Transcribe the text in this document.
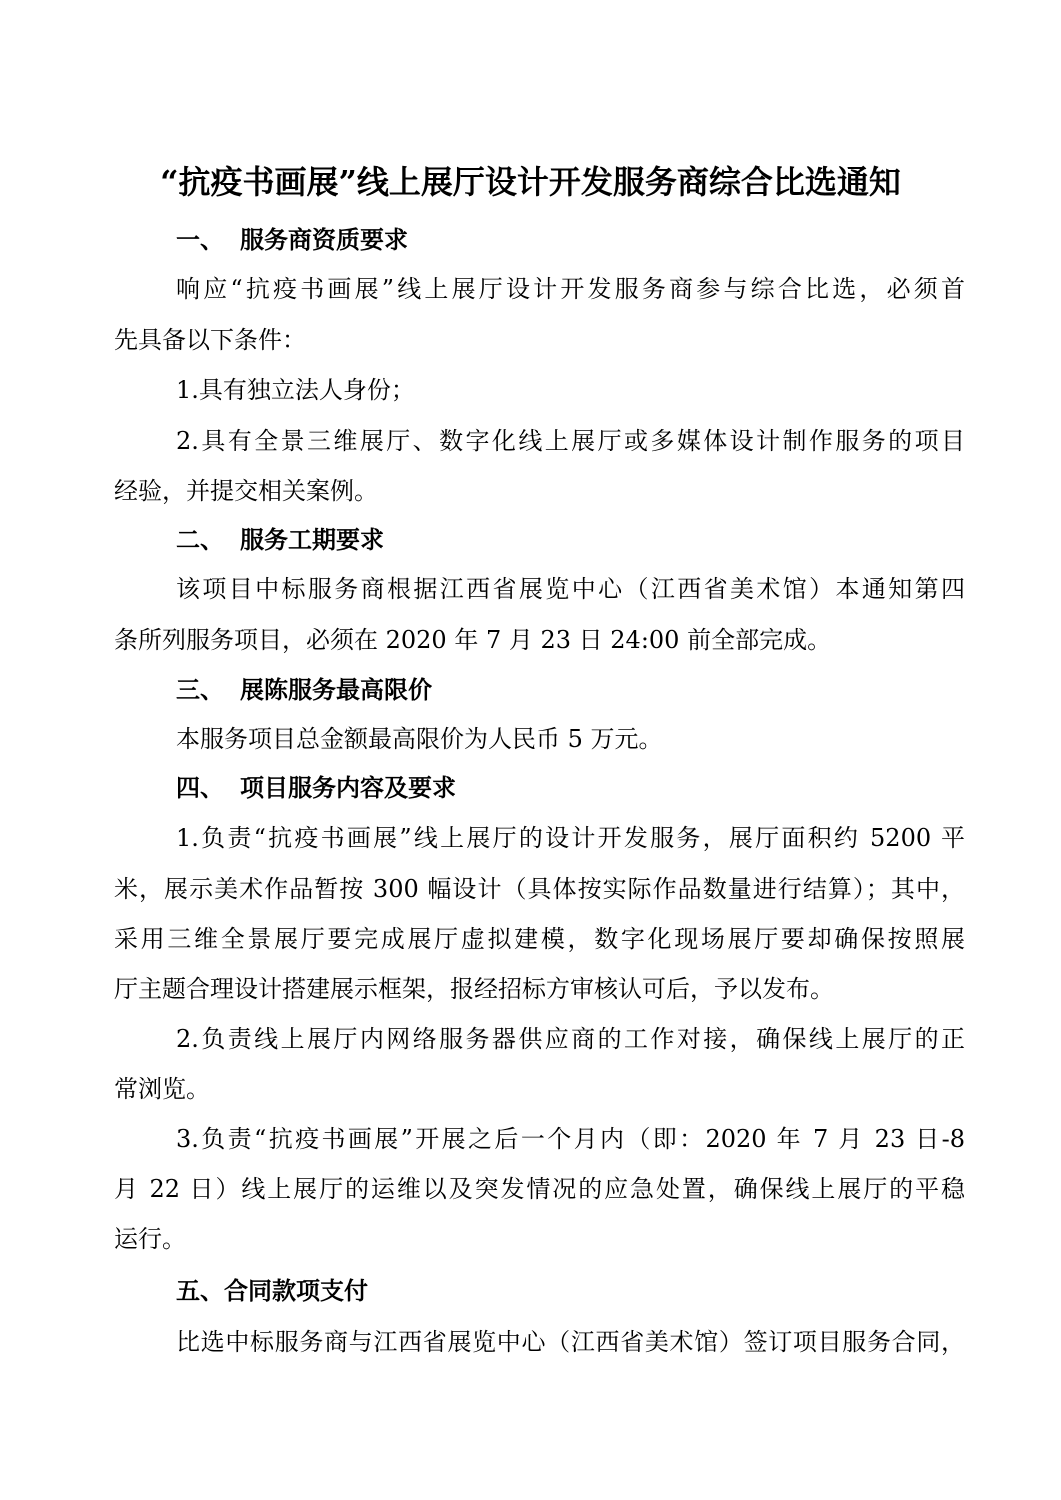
“抗疫书画展”线上展厅设计开发服务商综合比选通知
一、 服务商资质要求
响应“抗疫书画展”线上展厅设计开发服务商参与综合比选，必须首
先具备以下条件：
1.具有独立法人身份；
2.具有全景三维展厅、数字化线上展厅或多媒体设计制作服务的项目
经验，并提交相关案例。
二、 服务工期要求
该项目中标服务商根据江西省展览中心（江西省美术馆）本通知第四
条所列服务项目，必须在 2020 年 7 月 23 日 24:00 前全部完成。
三、 展陈服务最高限价
本服务项目总金额最高限价为人民币 5 万元。
四、 项目服务内容及要求
1.负责“抗疫书画展”线上展厅的设计开发服务，展厅面积约 5200 平
米，展示美术作品暂按 300 幅设计（具体按实际作品数量进行结算）；其中，
采用三维全景展厅要完成展厅虚拟建模，数字化现场展厅要却确保按照展
厅主题合理设计搭建展示框架，报经招标方审核认可后，予以发布。
2.负责线上展厅内网络服务器供应商的工作对接，确保线上展厅的正
常浏览。
3.负责“抗疫书画展”开展之后一个月内（即：2020 年 7 月 23 日-8
月 22 日）线上展厅的运维以及突发情况的应急处置，确保线上展厅的平稳
运行。
五、合同款项支付
比选中标服务商与江西省展览中心（江西省美术馆）签订项目服务合同，
